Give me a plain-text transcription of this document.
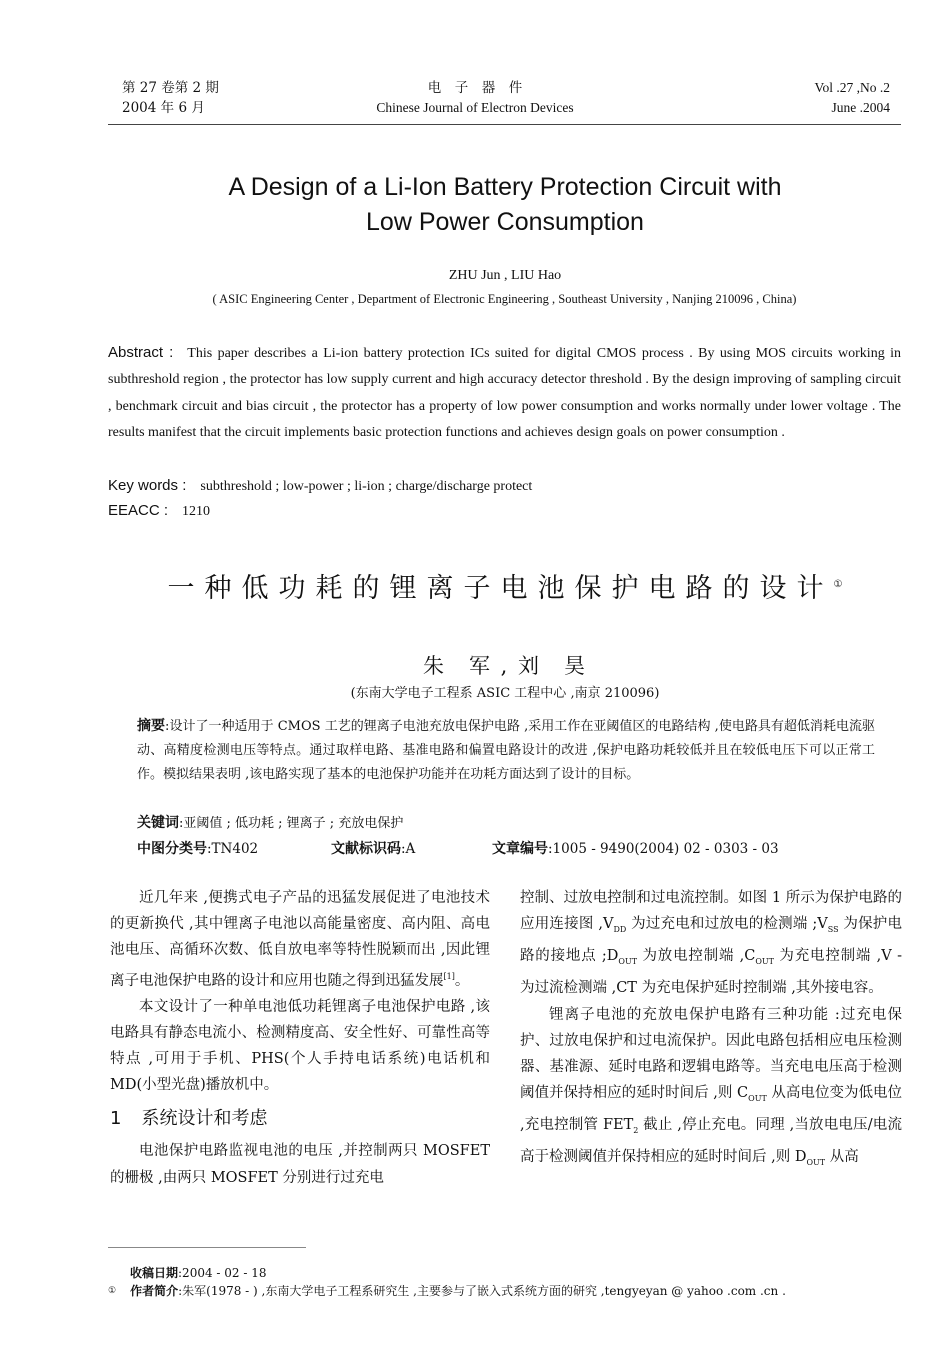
第 27 卷第 2 期
2004 年 6 月
电　子　器　件
Chinese Journal of Electron Devices
Vol .27 ,No .2
June .2004
A Design of a Li-Ion Battery Protection Circuit with
Low Power Consumption
ZHU Jun , LIU Hao
( ASIC Engineering Center , Department of Electronic Engineering , Southeast University , Nanjing 210096 , China)
Abstract : This paper describes a Li-ion battery protection ICs suited for digital CMOS process . By using MOS circuits working in subthreshold region , the protector has low supply current and high accuracy detector threshold . By the design improving of sampling circuit , benchmark circuit and bias circuit , the protector has a property of low power consumption and works normally under lower voltage . The results manifest that the circuit implements basic protection functions and achieves design goals on power consumption .
Key words : subthreshold ; low-power ; li-ion ; charge/discharge protect
EEACC : 1210
一种低功耗的锂离子电池保护电路的设计①
朱　军 , 刘　昊
(东南大学电子工程系 ASIC 工程中心 ,南京 210096)
摘要:设计了一种适用于 CMOS 工艺的锂离子电池充放电保护电路 ,采用工作在亚阈值区的电路结构 ,使电路具有超低消耗电流驱动、高精度检测电压等特点。通过取样电路、基准电路和偏置电路设计的改进 ,保护电路功耗较低并且在较低电压下可以正常工作。模拟结果表明 ,该电路实现了基本的电池保护功能并在功耗方面达到了设计的目标。
关键词:亚阈值 ; 低功耗 ; 锂离子 ; 充放电保护
中图分类号:TN402	文献标识码:A	文章编号:1005 - 9490(2004) 02 - 0303 - 03

近几年来 ,便携式电子产品的迅猛发展促进了电池技术的更新换代 ,其中锂离子电池以高能量密度、高内阻、高电池电压、高循环次数、低自放电率等特性脱颖而出 ,因此锂离子电池保护电路的设计和应用也随之得到迅猛发展[1]。

本文设计了一种单电池低功耗锂离子电池保护电路 ,该电路具有静态电流小、检测精度高、安全性好、可靠性高等特点 ,可用于手机、PHS(个人手持电话系统)电话机和 MD(小型光盘)播放机中。

1 系统设计和考虑

电池保护电路监视电池的电压 ,并控制两只 MOSFET 的栅极 ,由两只 MOSFET 分别进行过充电

控制、过放电控制和过电流控制。如图 1 所示为保护电路的应用连接图 $,V_{DD}$ 为过充电和过放电的检测端 $;V_{SS}$ 为保护电路的接地点 $;D_{OUT}$ 为放电控制端 $,C_{OUT}$ 为充电控制端 ,V - 为过流检测端 ,CT 为充电保护延时控制端 ,其外接电容。

锂离子电池的充放电保护电路有三种功能 :过充电保护、过放电保护和过电流保护。因此电路包括相应电压检测器、基准源、延时电路和逻辑电路等。当充电电压高于检测阈值并保持相应的延时时间后 ,则 $C_{OUT}$ 从高电位变为低电位 ,充电控制管 $FET_2$ 截止 ,停止充电。同理 ,当放电电压/电流高于检测阈值并保持相应的延时时间后 ,则 $D_{OUT}$ 从高

收稿日期:2004 - 02 - 18
① 作者简介:朱军(1978 - ) ,东南大学电子工程系研究生 ,主要参与了嵌入式系统方面的研究 ,tengyeyan @ yahoo .com .cn .
